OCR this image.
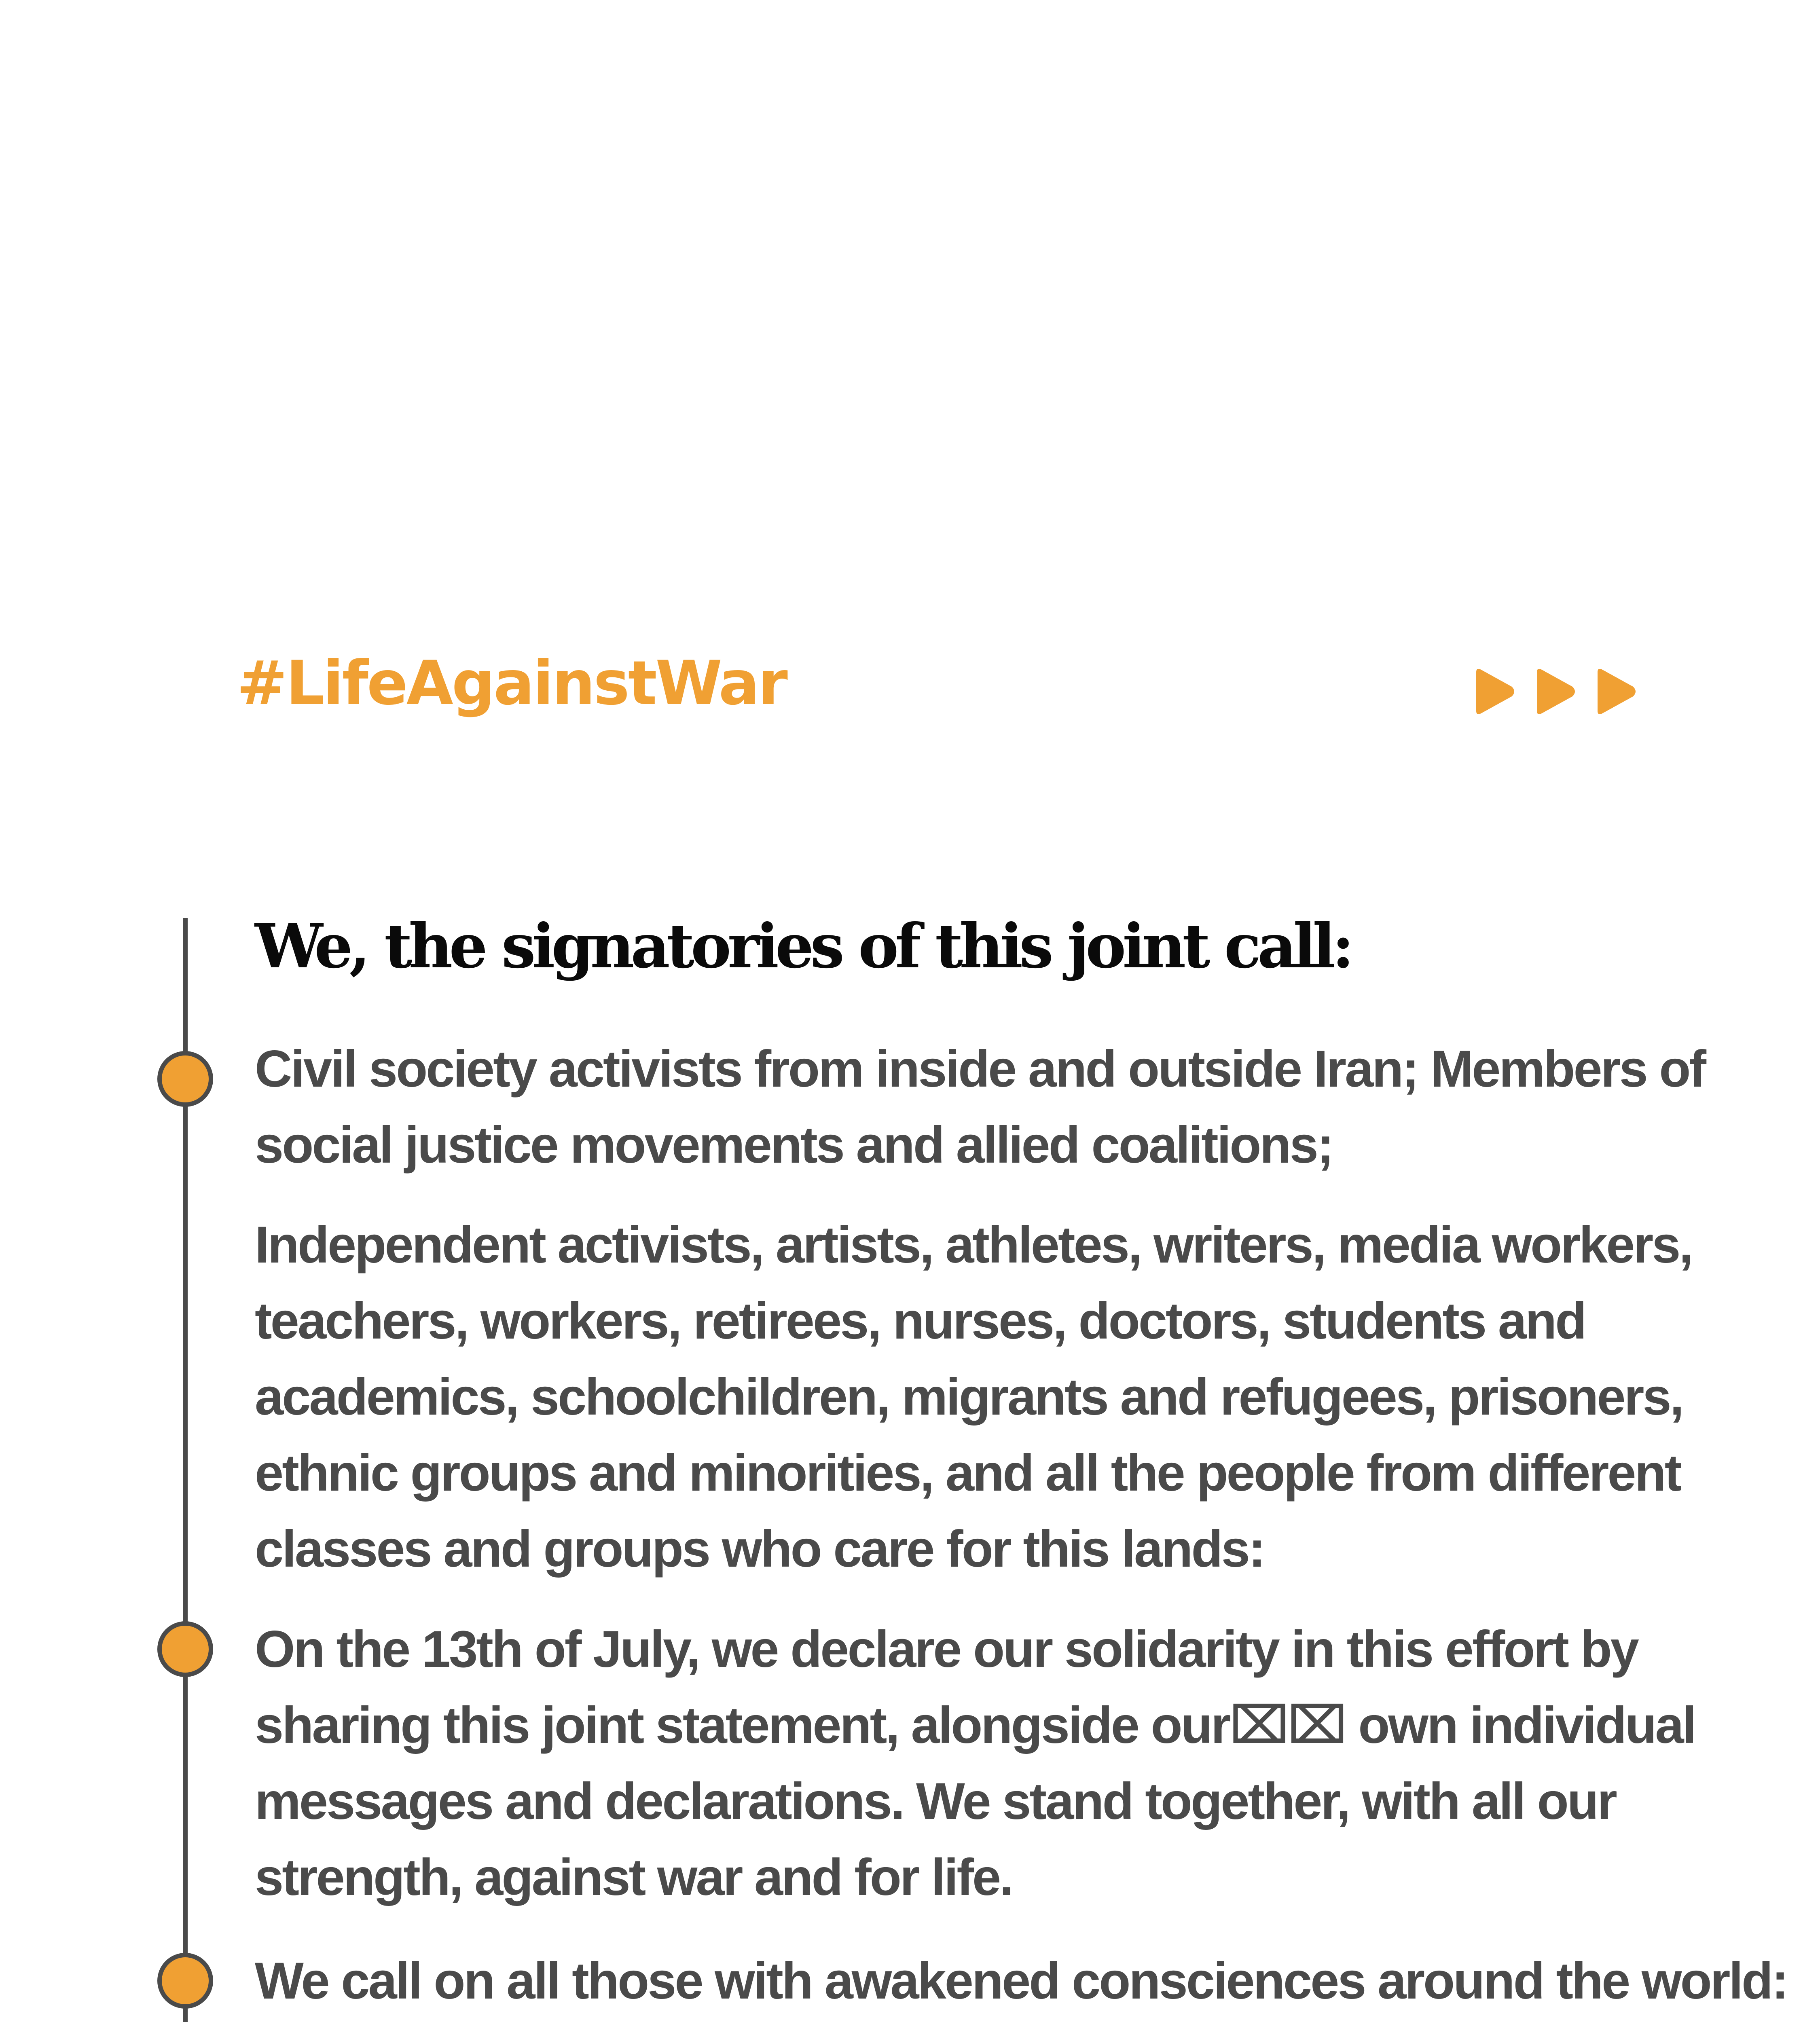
#LifeAgainstWar

We, the signatories of this joint call:

Civil society activists from inside and outside Iran; Members of
social justice movements and allied coalitions;

Independent activists, artists, athletes, writers, media workers,
teachers, workers, retirees, nurses, doctors, students and
academics, schoolchildren, migrants and refugees, prisoners,
ethnic groups and minorities, and all the people from different
classes and groups who care for this lands:

On the 13th of July, we declare our solidarity in this effort by
sharing this joint statement, alongside our⌧⌧ own individual
messages and declarations. We stand together, with all our
strength, against war and for life.

We call on all those with awakened consciences around the world:
